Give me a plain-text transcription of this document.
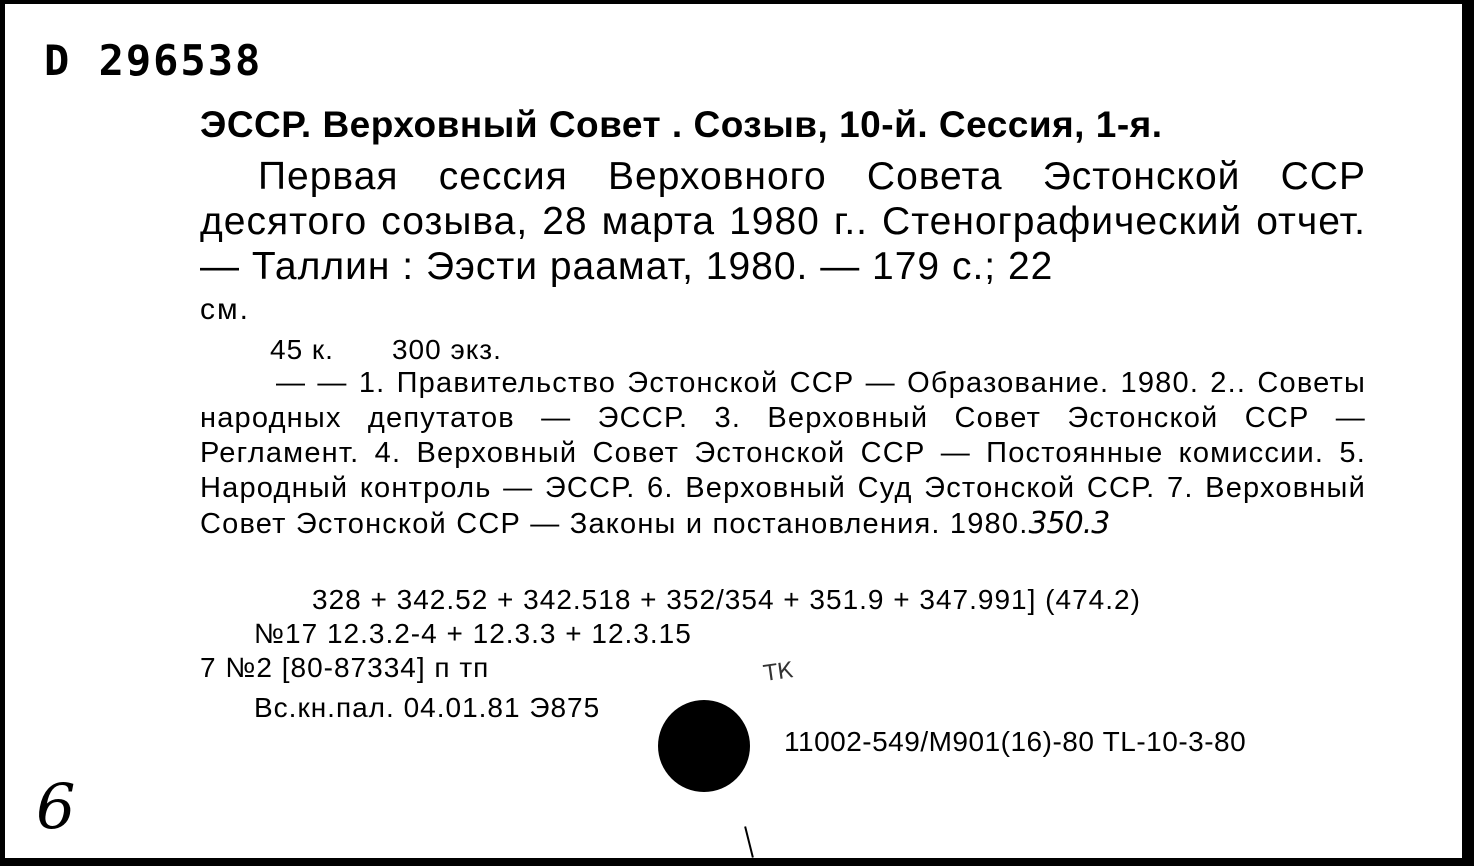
D 296538
ЭССР. Верховный Совет . Созыв, 10-й. Сессия, 1-я.

Первая сессия Верховного Совета Эстонской ССР десятого созыва, 28 марта 1980 г.. Стенографический отчет. — Таллин : Ээсти раамат, 1980. — 179 с.; 22

см.
45 к. 300 экз.

— — 1. Правительство Эстонской ССР — Образование. 1980. 2.. Советы народных депутатов — ЭССР. 3. Верховный Совет Эстонской ССР — Регламент. 4. Верховный Совет Эстонской ССР — Постоянные комиссии. 5. Народный контроль — ЭССР. 6. Верховный Суд Эстонской ССР. 7. Верховный Совет Эстонской ССР — Законы и постановления. 1980.350.3

328 + 342.52 + 342.518 + 352/354 + 351.9 + 347.991] (474.2)
№17 12.3.2-4 + 12.3.3 + 12.3.15
7 №2 [80-87334] п тп
Вс.кн.пал. 04.01.81 Э875
ТК
11002-549/М901(16)-80 TL-10-3-80
6
